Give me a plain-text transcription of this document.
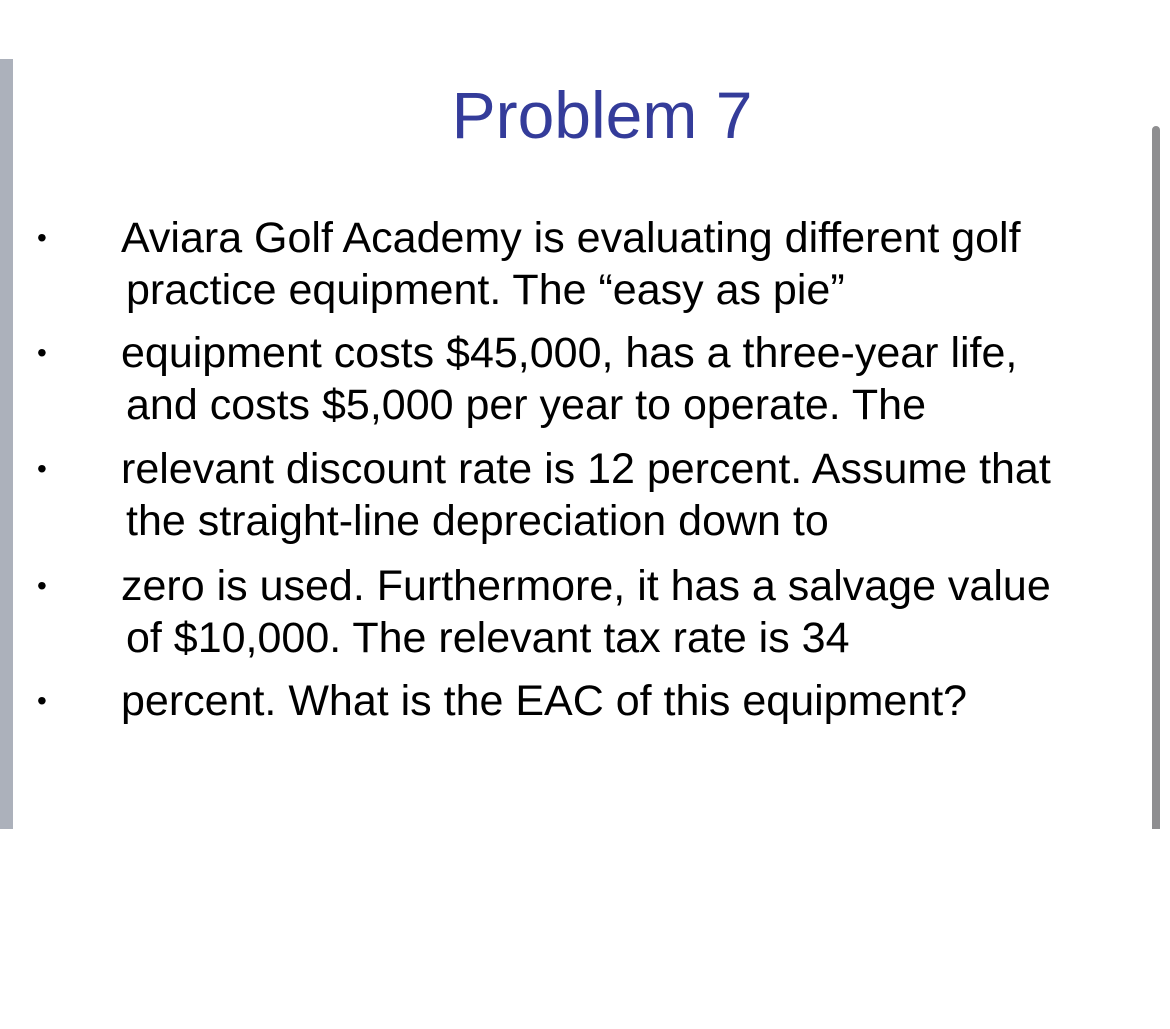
Problem 7
• Aviara Golf Academy is evaluating different golf
practice equipment. The “easy as pie”
• equipment costs $45,000, has a three-year life,
and costs $5,000 per year to operate. The
• relevant discount rate is 12 percent. Assume that
the straight-line depreciation down to
• zero is used. Furthermore, it has a salvage value
of $10,000. The relevant tax rate is 34
• percent. What is the EAC of this equipment?
